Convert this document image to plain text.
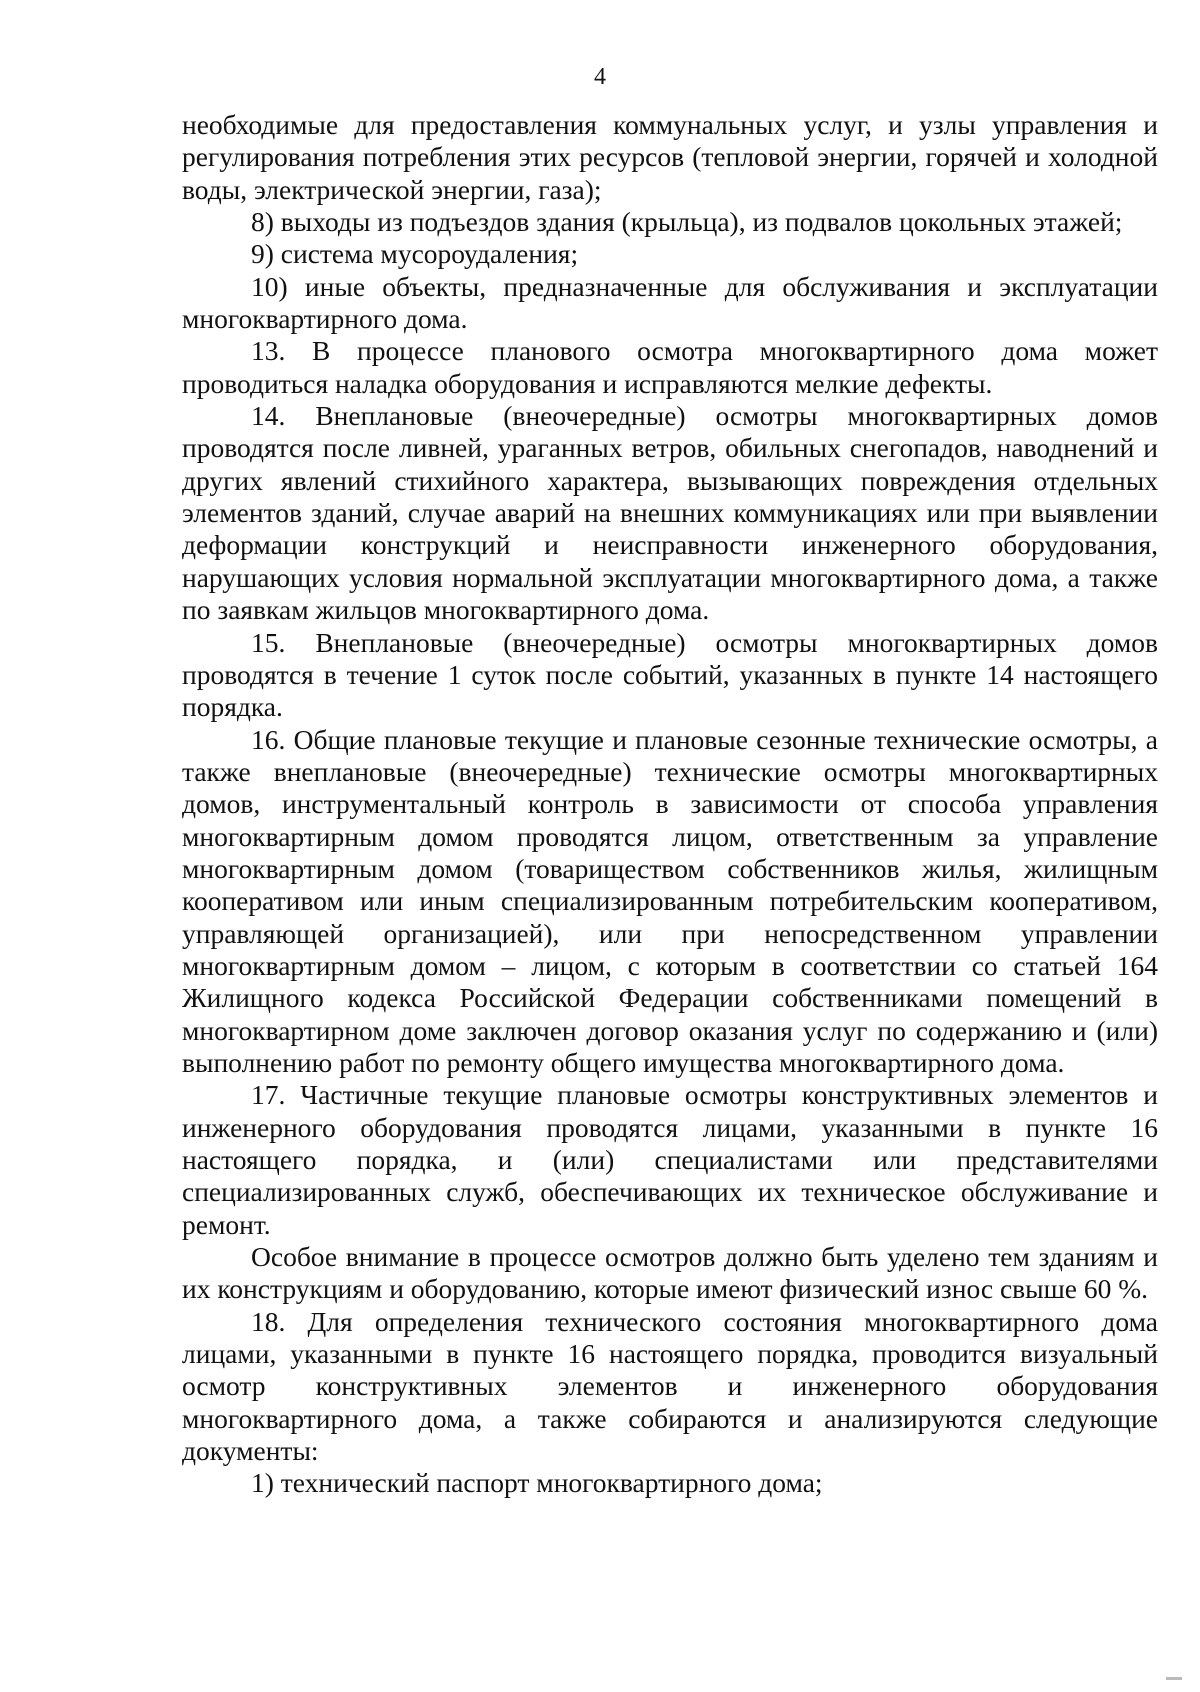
4

необходимые для предоставления коммунальных услуг, и узлы управления и регулирования потребления этих ресурсов (тепловой энергии, горячей и холодной воды, электрической энергии, газа);

8) выходы из подъездов здания (крыльца), из подвалов цокольных этажей;

9) система мусороудаления;

10) иные объекты, предназначенные для обслуживания и эксплуатации многоквартирного дома.

13. В процессе планового осмотра многоквартирного дома может проводиться наладка оборудования и исправляются мелкие дефекты.

14. Внеплановые (внеочередные) осмотры многоквартирных домов проводятся после ливней, ураганных ветров, обильных снегопадов, наводнений и других явлений стихийного характера, вызывающих повреждения отдельных элементов зданий, случае аварий на внешних коммуникациях или при выявлении деформации конструкций и неисправности инженерного оборудования, нарушающих условия нормальной эксплуатации многоквартирного дома, а также по заявкам жильцов многоквартирного дома.

15. Внеплановые (внеочередные) осмотры многоквартирных домов проводятся в течение 1 суток после событий, указанных в пункте 14 настоящего порядка.

16. Общие плановые текущие и плановые сезонные технические осмотры, а также внеплановые (внеочередные) технические осмотры многоквартирных домов, инструментальный контроль в зависимости от способа управления многоквартирным домом проводятся лицом, ответственным за управление многоквартирным домом (товариществом собственников жилья, жилищным кооперативом или иным специализированным потребительским кооперативом, управляющей организацией), или при непосредственном управлении многоквартирным домом – лицом, с которым в соответствии со статьей 164 Жилищного кодекса Российской Федерации собственниками помещений в многоквартирном доме заключен договор оказания услуг по содержанию и (или) выполнению работ по ремонту общего имущества многоквартирного дома.

17. Частичные текущие плановые осмотры конструктивных элементов и инженерного оборудования проводятся лицами, указанными в пункте 16 настоящего порядка, и (или) специалистами или представителями специализированных служб, обеспечивающих их техническое обслуживание и ремонт.

Особое внимание в процессе осмотров должно быть уделено тем зданиям и их конструкциям и оборудованию, которые имеют физический износ свыше 60 %.

18. Для определения технического состояния многоквартирного дома лицами, указанными в пункте 16 настоящего порядка, проводится визуальный осмотр конструктивных элементов и инженерного оборудования многоквартирного дома, а также собираются и анализируются следующие документы:

1) технический паспорт многоквартирного дома;
